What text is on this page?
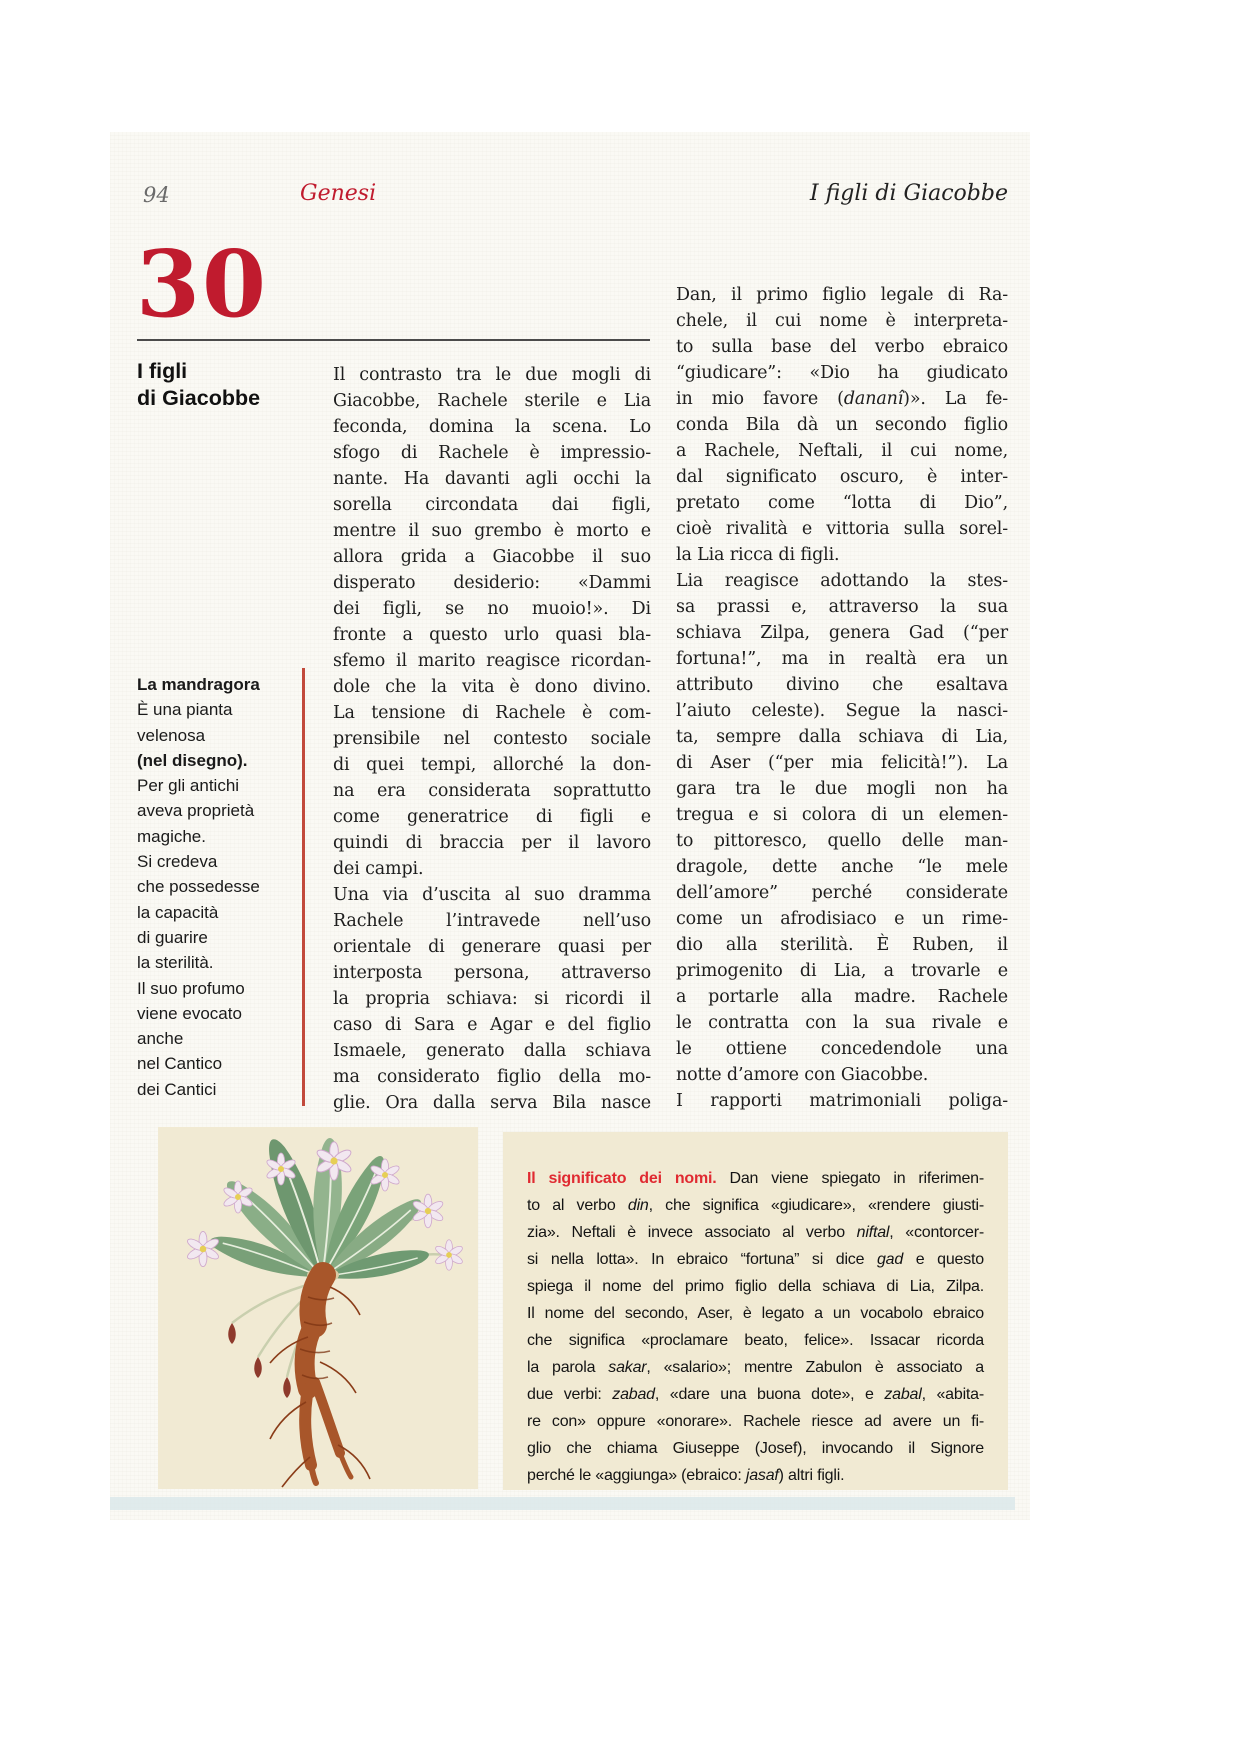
94	Genesi	I figli di Giacobbe
30
I figli
di Giacobbe
La mandragora
È una pianta
velenosa
(nel disegno).
Per gli antichi
aveva proprietà
magiche.
Si credeva
che possedesse
la capacità
di guarire
la sterilità.
Il suo profumo
viene evocato
anche
nel Cantico
dei Cantici
Il contrasto tra le due mogli di
Giacobbe, Rachele sterile e Lia
feconda, domina la scena. Lo
sfogo di Rachele è impressio-
nante. Ha davanti agli occhi la
sorella circondata dai figli,
mentre il suo grembo è morto e
allora grida a Giacobbe il suo
disperato desiderio: «Dammi
dei figli, se no muoio!». Di
fronte a questo urlo quasi bla-
sfemo il marito reagisce ricordan-
dole che la vita è dono divino.
La tensione di Rachele è com-
prensibile nel contesto sociale
di quei tempi, allorché la don-
na era considerata soprattutto
come generatrice di figli e
quindi di braccia per il lavoro
dei campi.
Una via d’uscita al suo dramma
Rachele l’intravede nell’uso
orientale di generare quasi per
interposta persona, attraverso
la propria schiava: si ricordi il
caso di Sara e Agar e del figlio
Ismaele, generato dalla schiava
ma considerato figlio della mo-
glie. Ora dalla serva Bila nasce
Dan, il primo figlio legale di Ra-
chele, il cui nome è interpreta-
to sulla base del verbo ebraico
“giudicare”: «Dio ha giudicato
in mio favore (dananî)». La fe-
conda Bila dà un secondo figlio
a Rachele, Neftali, il cui nome,
dal significato oscuro, è inter-
pretato come “lotta di Dio”,
cioè rivalità e vittoria sulla sorel-
la Lia ricca di figli.
Lia reagisce adottando la stes-
sa prassi e, attraverso la sua
schiava Zilpa, genera Gad (“per
fortuna!”, ma in realtà era un
attributo divino che esaltava
l’aiuto celeste). Segue la nasci-
ta, sempre dalla schiava di Lia,
di Aser (“per mia felicità!”). La
gara tra le due mogli non ha
tregua e si colora di un elemen-
to pittoresco, quello delle man-
dragole, dette anche “le mele
dell’amore” perché considerate
come un afrodisiaco e un rime-
dio alla sterilità. È Ruben, il
primogenito di Lia, a trovarle e
a portarle alla madre. Rachele
le contratta con la sua rivale e
le ottiene concedendole una
notte d’amore con Giacobbe.
I rapporti matrimoniali poliga-
Il significato dei nomi. Dan viene spiegato in riferimen-
to al verbo din, che significa «giudicare», «rendere giusti-
zia». Neftali è invece associato al verbo niftal, «contorcer-
si nella lotta». In ebraico “fortuna” si dice gad e questo
spiega il nome del primo figlio della schiava di Lia, Zilpa.
Il nome del secondo, Aser, è legato a un vocabolo ebraico
che significa «proclamare beato, felice». Issacar ricorda
la parola sakar, «salario»; mentre Zabulon è associato a
due verbi: zabad, «dare una buona dote», e zabal, «abita-
re con» oppure «onorare». Rachele riesce ad avere un fi-
glio che chiama Giuseppe (Josef), invocando il Signore
perché le «aggiunga» (ebraico: jasaf) altri figli.
